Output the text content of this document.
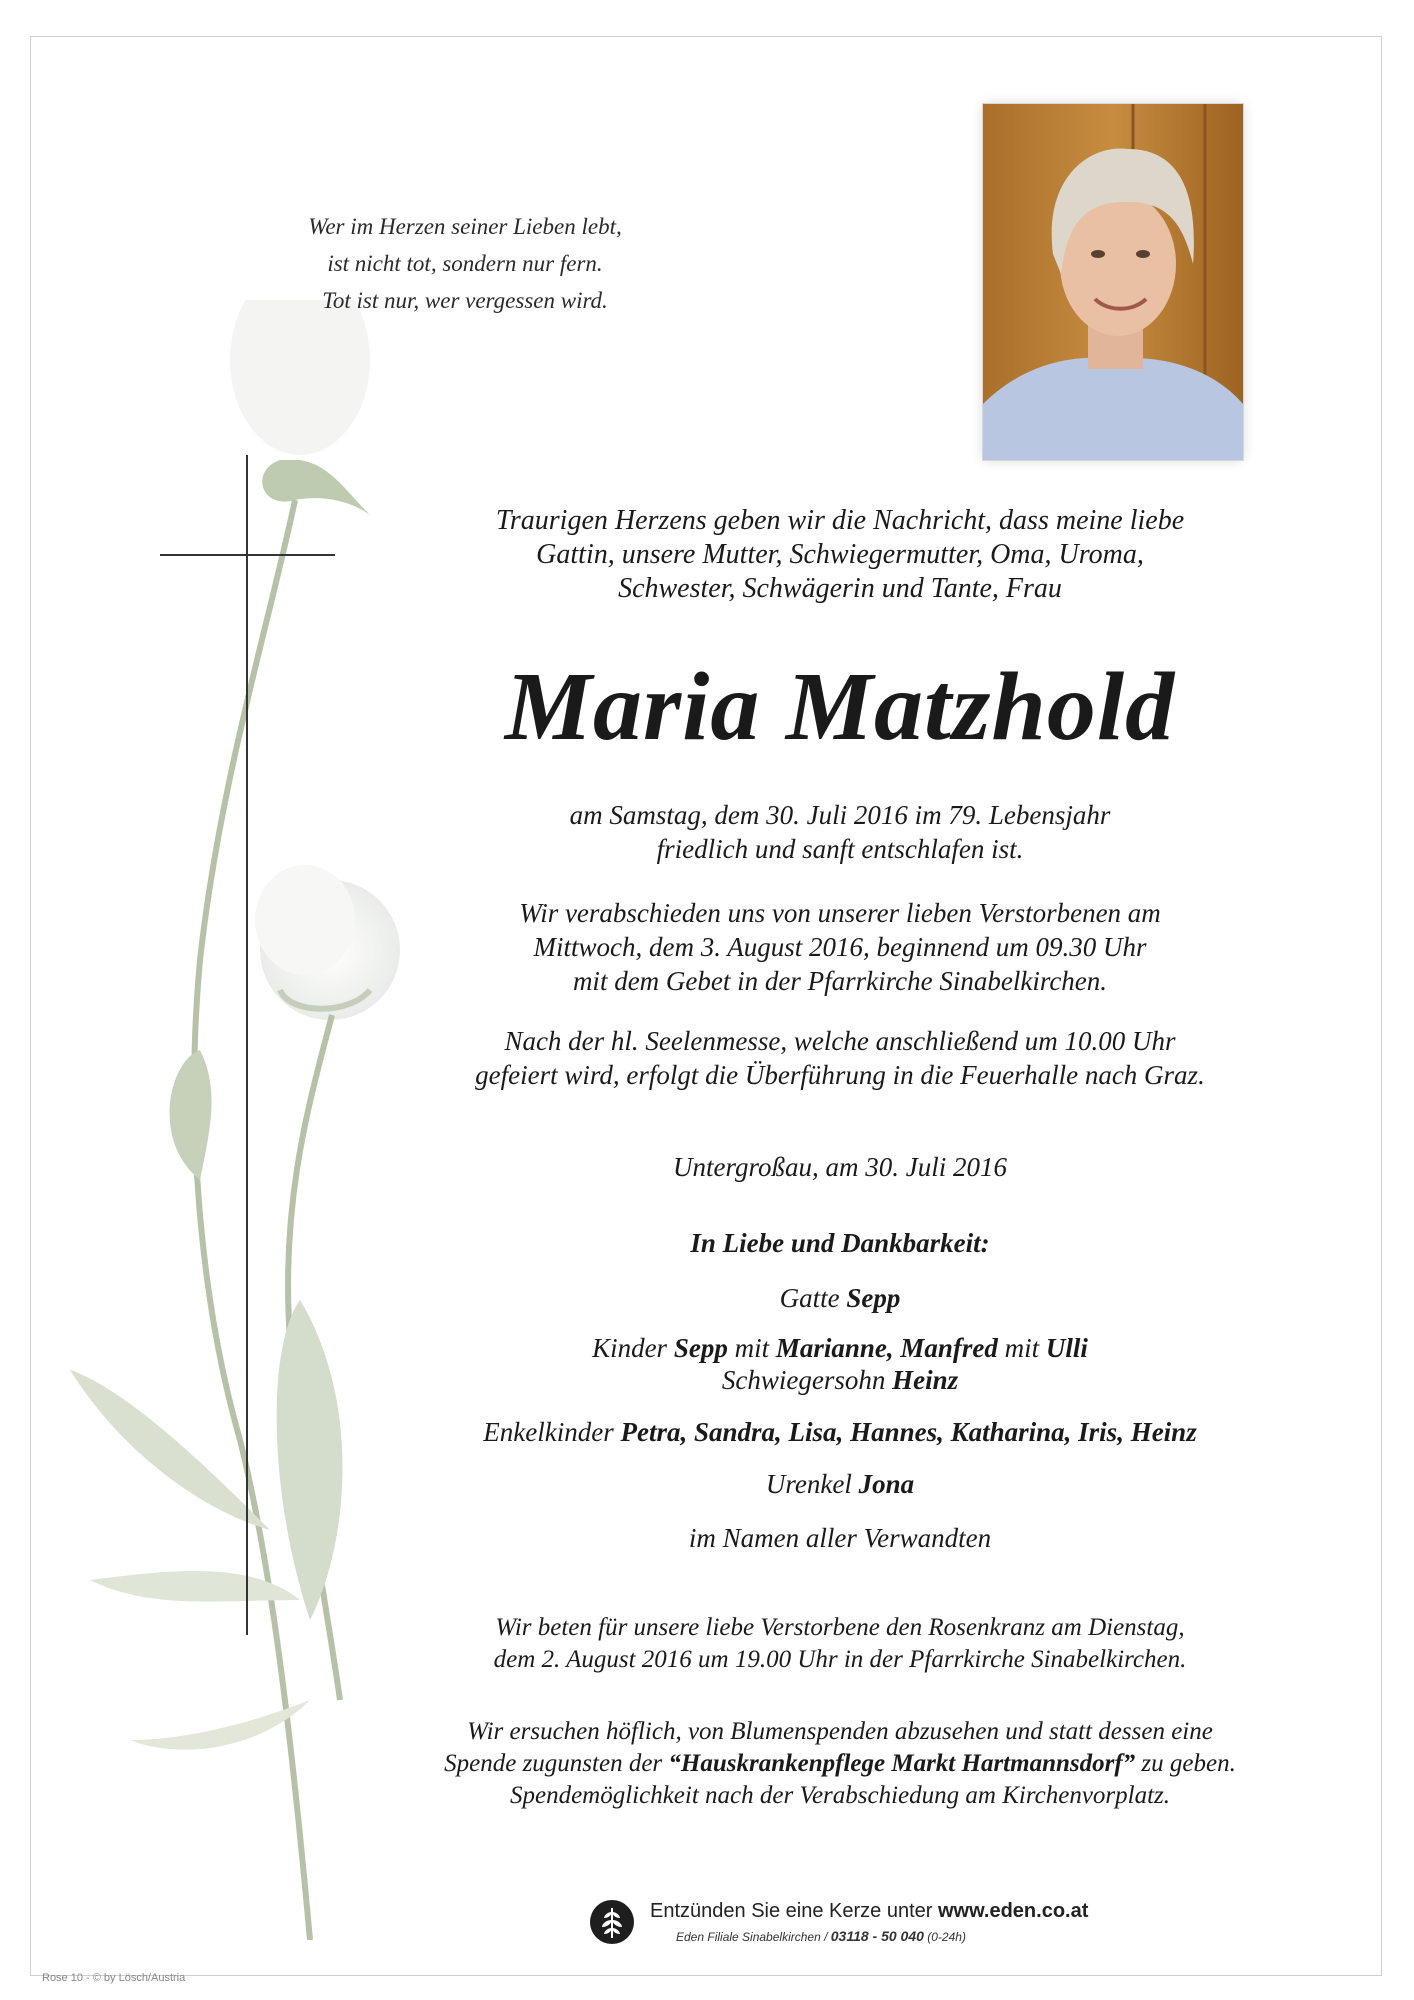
Wer im Herzen seiner Lieben lebt,
ist nicht tot, sondern nur fern.
Tot ist nur, wer vergessen wird.
Traurigen Herzens geben wir die Nachricht, dass meine liebe
Gattin, unsere Mutter, Schwiegermutter, Oma, Uroma,
Schwester, Schwägerin und Tante, Frau
Maria Matzhold
am Samstag, dem 30. Juli 2016 im 79. Lebensjahr
friedlich und sanft entschlafen ist.
Wir verabschieden uns von unserer lieben Verstorbenen am
Mittwoch, dem 3. August 2016, beginnend um 09.30 Uhr
mit dem Gebet in der Pfarrkirche Sinabelkirchen.
Nach der hl. Seelenmesse, welche anschließend um 10.00 Uhr
gefeiert wird, erfolgt die Überführung in die Feuerhalle nach Graz.
Untergroßau, am 30. Juli 2016
In Liebe und Dankbarkeit:
Gatte Sepp
Kinder Sepp mit Marianne, Manfred mit Ulli
Schwiegersohn Heinz
Enkelkinder Petra, Sandra, Lisa, Hannes, Katharina, Iris, Heinz
Urenkel Jona
im Namen aller Verwandten
Wir beten für unsere liebe Verstorbene den Rosenkranz am Dienstag,
dem 2. August 2016 um 19.00 Uhr in der Pfarrkirche Sinabelkirchen.
Wir ersuchen höflich, von Blumenspenden abzusehen und statt dessen eine
Spende zugunsten der “Hauskrankenpflege Markt Hartmannsdorf” zu geben.
Spendemöglichkeit nach der Verabschiedung am Kirchenvorplatz.
Entzünden Sie eine Kerze unter www.eden.co.at
Eden Filiale Sinabelkirchen / 03118 - 50 040 (0-24h)
Rose 10 - © by Lösch/Austria
